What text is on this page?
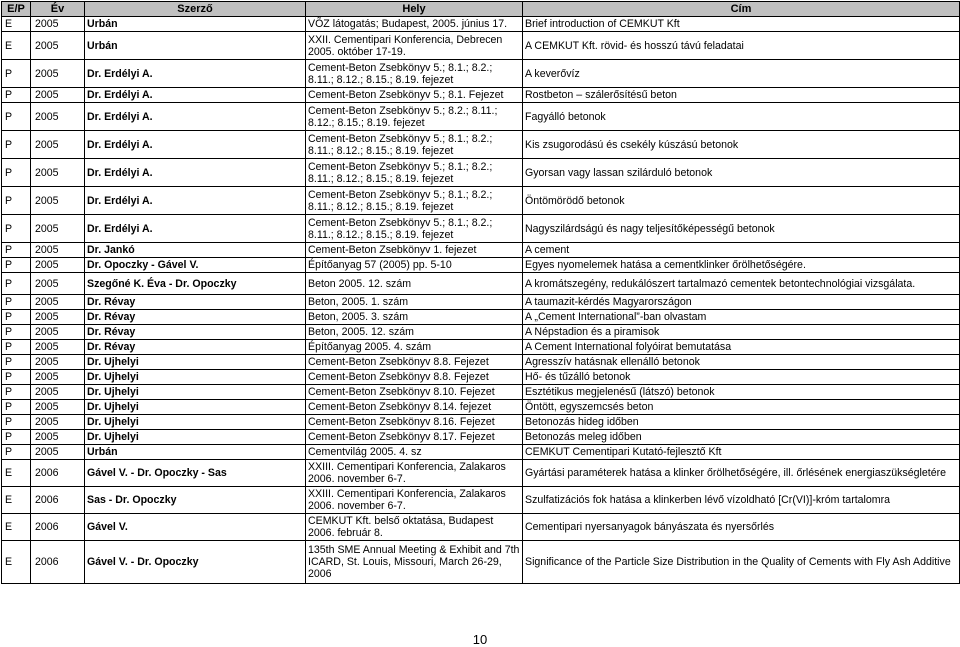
E/P	Év	Szerző	Hely	Cím
E	2005	Urbán	VÕZ látogatás; Budapest, 2005. június 17.	Brief introduction of CEMKUT Kft
E	2005	Urbán	XXII. Cementipari Konferencia, Debrecen 2005. október 17-19.	A CEMKUT Kft. rövid- és hosszú távú feladatai
P	2005	Dr. Erdélyi A.	Cement-Beton Zsebkönyv 5.; 8.1.; 8.2.; 8.11.; 8.12.; 8.15.; 8.19. fejezet	A keverővíz
P	2005	Dr. Erdélyi A.	Cement-Beton Zsebkönyv 5.; 8.1. Fejezet	Rostbeton – szálerősítésű beton
P	2005	Dr. Erdélyi A.	Cement-Beton Zsebkönyv 5.; 8.2.; 8.11.; 8.12.; 8.15.; 8.19. fejezet	Fagyálló betonok
P	2005	Dr. Erdélyi A.	Cement-Beton Zsebkönyv 5.; 8.1.; 8.2.; 8.11.; 8.12.; 8.15.; 8.19. fejezet	Kis zsugorodású és csekély kúszású betonok
P	2005	Dr. Erdélyi A.	Cement-Beton Zsebkönyv 5.; 8.1.; 8.2.; 8.11.; 8.12.; 8.15.; 8.19. fejezet	Gyorsan vagy lassan szilárduló betonok
P	2005	Dr. Erdélyi A.	Cement-Beton Zsebkönyv 5.; 8.1.; 8.2.; 8.11.; 8.12.; 8.15.; 8.19. fejezet	Öntömörödő betonok
P	2005	Dr. Erdélyi A.	Cement-Beton Zsebkönyv 5.; 8.1.; 8.2.; 8.11.; 8.12.; 8.15.; 8.19. fejezet	Nagyszilárdságú és nagy teljesítőképességű betonok
P	2005	Dr. Jankó	Cement-Beton Zsebkönyv 1. fejezet	A cement
P	2005	Dr. Opoczky - Gável V.	Építőanyag 57 (2005) pp. 5-10	Egyes nyomelemek hatása a cementklinker őrölhetőségére.
P	2005	Szegőné K. Éva - Dr. Opoczky	Beton 2005. 12. szám	A kromátszegény, redukálószert tartalmazó cementek betontechnológiai vizsgálata.
P	2005	Dr. Révay	Beton, 2005. 1. szám	A taumazit-kérdés Magyarországon
P	2005	Dr. Révay	Beton, 2005. 3. szám	A „Cement International”-ban olvastam
P	2005	Dr. Révay	Beton, 2005. 12. szám	A Népstadion és a piramisok
P	2005	Dr. Révay	Építőanyag 2005. 4. szám	A Cement International folyóirat bemutatása
P	2005	Dr. Ujhelyi	Cement-Beton Zsebkönyv 8.8. Fejezet	Agresszív hatásnak ellenálló betonok
P	2005	Dr. Ujhelyi	Cement-Beton Zsebkönyv 8.8. Fejezet	Hő- és tűzálló betonok
P	2005	Dr. Ujhelyi	Cement-Beton Zsebkönyv 8.10. Fejezet	Esztétikus megjelenésű (látszó) betonok
P	2005	Dr. Ujhelyi	Cement-Beton Zsebkönyv 8.14. fejezet	Öntött, egyszemcsés beton
P	2005	Dr. Ujhelyi	Cement-Beton Zsebkönyv 8.16. Fejezet	Betonozás hideg időben
P	2005	Dr. Ujhelyi	Cement-Beton Zsebkönyv 8.17. Fejezet	Betonozás meleg időben
P	2005	Urbán	Cementvilág 2005. 4. sz	CEMKUT Cementipari Kutató-fejlesztő Kft
E	2006	Gável V. - Dr. Opoczky - Sas	XXIII. Cementipari Konferencia, Zalakaros 2006. november 6-7.	Gyártási paraméterek hatása a klinker őrölhetőségére, ill. őrlésének energiaszükségletére
E	2006	Sas - Dr. Opoczky	XXIII. Cementipari Konferencia, Zalakaros 2006. november 6-7.	Szulfatizációs fok hatása a klinkerben lévő vízoldható [Cr(VI)]-króm tartalomra
E	2006	Gável V.	CEMKUT Kft. belső oktatása, Budapest 2006. február 8.	Cementipari nyersanyagok bányászata és nyersőrlés
E	2006	Gável V. - Dr. Opoczky	135th SME Annual Meeting & Exhibit and 7th ICARD, St. Louis, Missouri, March 26-29, 2006	Significance of the Particle Size Distribution in the Quality of Cements with Fly Ash Additive
10
